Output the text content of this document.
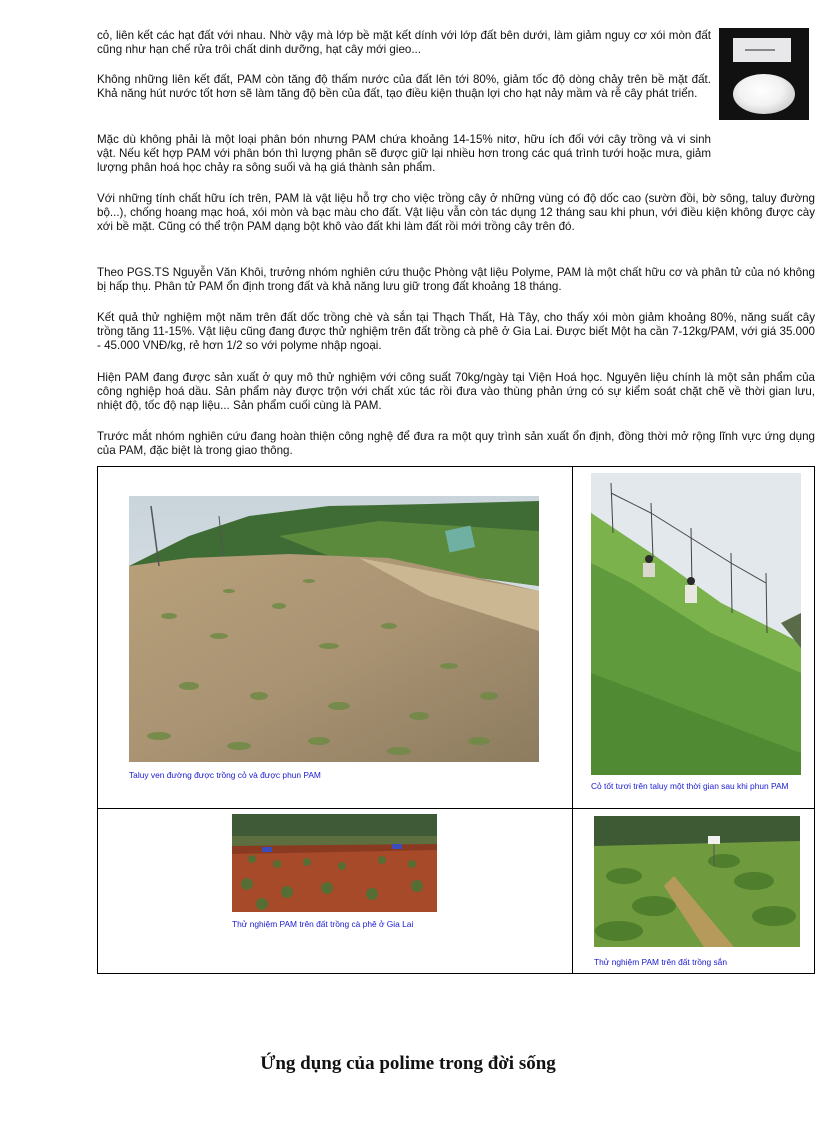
cỏ, liên kết các hạt đất với nhau. Nhờ vậy mà lớp bề mặt kết dính với lớp đất bên dưới, làm giảm nguy cơ xói mòn đất cũng như hạn chế rửa trôi chất dinh dưỡng, hạt cây mới gieo...

Không những liên kết đất, PAM còn tăng độ thấm nước của đất lên tới 80%, giảm tốc độ dòng chảy trên bề mặt đất. Khả năng hút nước tốt hơn sẽ làm tăng độ bền của đất, tạo điều kiện thuận lợi cho hạt nảy mầm và rễ cây phát triển.

Mặc dù không phải là một loại phân bón nhưng PAM chứa khoảng 14-15% nitơ, hữu ích đối với cây trồng và vi sinh vật. Nếu kết hợp PAM với phân bón thì lượng phân sẽ được giữ lại nhiều hơn trong các quá trình tưới hoặc mưa, giảm lượng phân hoá học chảy ra sông suối và hạ giá thành sản phẩm.

Với những tính chất hữu ích trên, PAM là vật liệu hỗ trợ cho việc trồng cây ở những vùng có độ dốc cao (sườn đồi, bờ sông, taluy đường bộ...), chống hoang mạc hoá, xói mòn và bạc màu cho đất. Vật liệu vẫn còn tác dụng 12 tháng sau khi phun, với điều kiện không được cày xới bề mặt. Cũng có thể trộn PAM dạng bột khô vào đất khi làm đất rồi mới trồng cây trên đó.

Theo PGS.TS Nguyễn Văn Khôi, trưởng nhóm nghiên cứu thuộc Phòng vật liệu Polyme, PAM là một chất hữu cơ và phân tử của nó không bị hấp thụ. Phân tử PAM ổn định trong đất và khả năng lưu giữ trong đất khoảng 18 tháng.

Kết quả thử nghiệm một năm trên đất dốc trồng chè và sắn tại Thạch Thất, Hà Tây, cho thấy xói mòn giảm khoảng 80%, năng suất cây trồng tăng 11-15%. Vật liệu cũng đang được thử nghiệm trên đất trồng cà phê ở Gia Lai. Được biết Một ha cần 7-12kg/PAM, với giá 35.000 - 45.000 VNĐ/kg, rẻ hơn 1/2 so với polyme nhập ngoại.

Hiện PAM đang được sản xuất ở quy mô thử nghiệm với công suất 70kg/ngày tại Viện Hoá học. Nguyên liệu chính là một sản phẩm của công nghiệp hoá dầu. Sản phẩm này được trộn với chất xúc tác rồi đưa vào thùng phản ứng có sự kiểm soát chặt chẽ về thời gian lưu, nhiệt độ, tốc độ nạp liệu... Sản phẩm cuối cùng là PAM.

Trước mắt nhóm nghiên cứu đang hoàn thiện công nghệ để đưa ra một quy trình sản xuất ổn định, đồng thời mở rộng lĩnh vực ứng dụng của PAM, đặc biệt là trong giao thông.

Taluy ven đường được trồng cỏ và được phun PAM

Cỏ tốt tươi trên taluy một thời gian sau khi phun PAM

Thử nghiệm PAM trên đất trồng cà phê ở Gia Lai

Thử nghiệm PAM trên đất trồng sắn

Ứng dụng của polime trong đời sống
